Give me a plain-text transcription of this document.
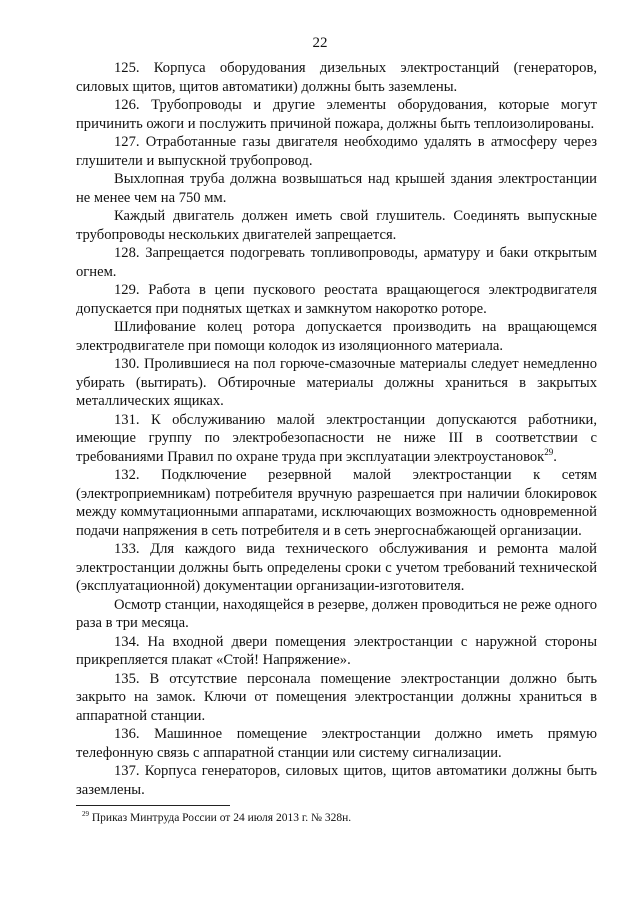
22

125. Корпуса оборудования дизельных электростанций (генераторов, силовых щитов, щитов автоматики) должны быть заземлены.

126. Трубопроводы и другие элементы оборудования, которые могут причинить ожоги и послужить причиной пожара, должны быть теплоизолированы.

127. Отработанные газы двигателя необходимо удалять в атмосферу через глушители и выпускной трубопровод.

Выхлопная труба должна возвышаться над крышей здания электростанции не менее чем на 750 мм.

Каждый двигатель должен иметь свой глушитель. Соединять выпускные трубопроводы нескольких двигателей запрещается.

128. Запрещается подогревать топливопроводы, арматуру и баки открытым огнем.

129. Работа в цепи пускового реостата вращающегося электродвигателя допускается при поднятых щетках и замкнутом накоротко роторе.

Шлифование колец ротора допускается производить на вращающемся электродвигателе при помощи колодок из изоляционного материала.

130. Пролившиеся на пол горюче-смазочные материалы следует немедленно убирать (вытирать). Обтирочные материалы должны храниться в закрытых металлических ящиках.

131. К обслуживанию малой электростанции допускаются работники, имеющие группу по электробезопасности не ниже III в соответствии с требованиями Правил по охране труда при эксплуатации электроустановок$^{29}$.

132. Подключение резервной малой электростанции к сетям (электроприемникам) потребителя вручную разрешается при наличии блокировок между коммутационными аппаратами, исключающих возможность одновременной подачи напряжения в сеть потребителя и в сеть энергоснабжающей организации.

133. Для каждого вида технического обслуживания и ремонта малой электростанции должны быть определены сроки с учетом требований технической (эксплуатационной) документации организации-изготовителя.

Осмотр станции, находящейся в резерве, должен проводиться не реже одного раза в три месяца.

134. На входной двери помещения электростанции с наружной стороны прикрепляется плакат «Стой! Напряжение».

135. В отсутствие персонала помещение электростанции должно быть закрыто на замок. Ключи от помещения электростанции должны храниться в аппаратной станции.

136. Машинное помещение электростанции должно иметь прямую телефонную связь с аппаратной станции или систему сигнализации.

137. Корпуса генераторов, силовых щитов, щитов автоматики должны быть заземлены.

$^{29}$ Приказ Минтруда России от 24 июля 2013 г. № 328н.
